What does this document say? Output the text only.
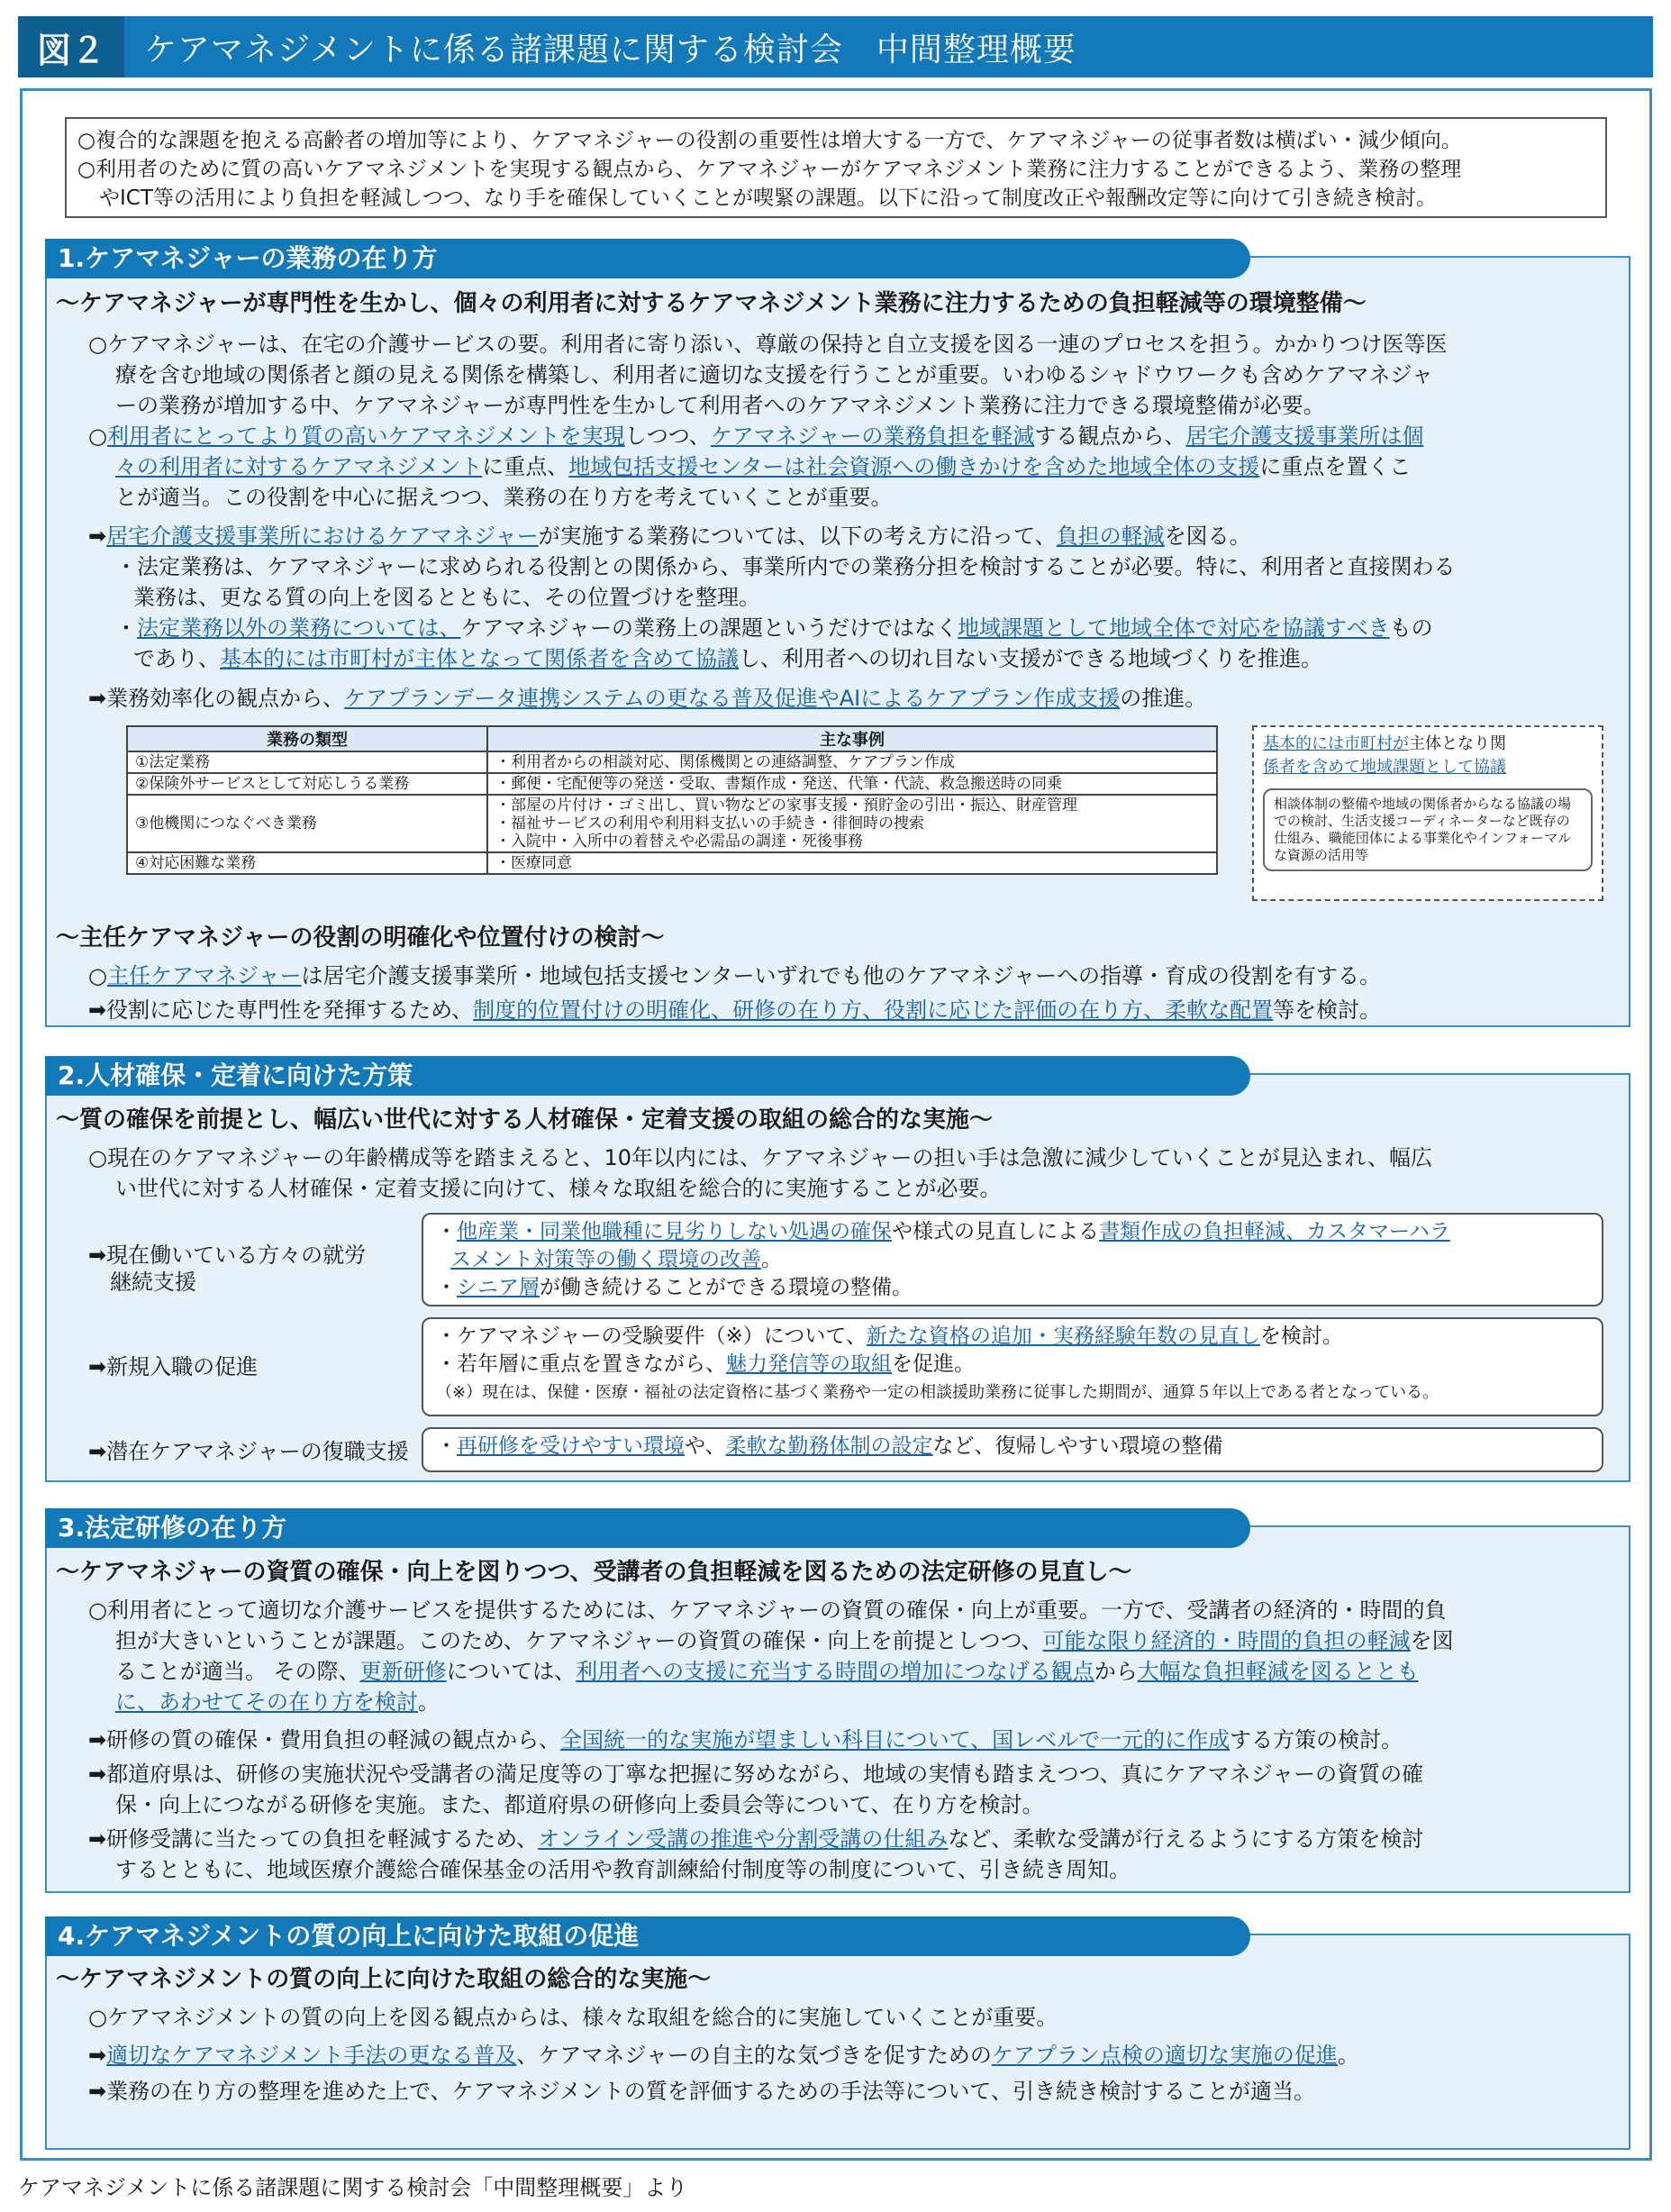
図２	ケアマネジメントに係る諸課題に関する検討会　中間整理概要

○複合的な課題を抱える高齢者の増加等により、ケアマネジャーの役割の重要性は増大する一方で、ケアマネジャーの従事者数は横ばい・減少傾向。

○利用者のために質の高いケアマネジメントを実現する観点から、ケアマネジャーがケアマネジメント業務に注力することができるよう、業務の整理

やICT等の活用により負担を軽減しつつ、なり手を確保していくことが喫緊の課題。以下に沿って制度改正や報酬改定等に向けて引き続き検討。

1.ケアマネジャーの業務の在り方
～ケアマネジャーが専門性を生かし、個々の利用者に対するケアマネジメント業務に注力するための負担軽減等の環境整備～
○ケアマネジャーは、在宅の介護サービスの要。利用者に寄り添い、尊厳の保持と自立支援を図る一連のプロセスを担う。かかりつけ医等医
療を含む地域の関係者と顔の見える関係を構築し、利用者に適切な支援を行うことが重要。いわゆるシャドウワークも含めケアマネジャ
ーの業務が増加する中、ケアマネジャーが専門性を生かして利用者へのケアマネジメント業務に注力できる環境整備が必要。
○利用者にとってより質の高いケアマネジメントを実現しつつ、ケアマネジャーの業務負担を軽減する観点から、居宅介護支援事業所は個
々の利用者に対するケアマネジメントに重点、地域包括支援センターは社会資源への働きかけを含めた地域全体の支援に重点を置くこ
とが適当。この役割を中心に据えつつ、業務の在り方を考えていくことが重要。
➡居宅介護支援事業所におけるケアマネジャーが実施する業務については、以下の考え方に沿って、負担の軽減を図る。
・法定業務は、ケアマネジャーに求められる役割との関係から、事業所内での業務分担を検討することが必要。特に、利用者と直接関わる
業務は、更なる質の向上を図るとともに、その位置づけを整理。
・法定業務以外の業務については、ケアマネジャーの業務上の課題というだけではなく地域課題として地域全体で対応を協議すべきもの
であり、基本的には市町村が主体となって関係者を含めて協議し、利用者への切れ目ない支援ができる地域づくりを推進。
➡業務効率化の観点から、ケアプランデータ連携システムの更なる普及促進やAIによるケアプラン作成支援の推進。
業務の類型	主な事例
①法定業務	・利用者からの相談対応、関係機関との連絡調整、ケアプラン作成
②保険外サービスとして対応しうる業務	・郵便・宅配便等の発送・受取、書類作成・発送、代筆・代読、救急搬送時の同乗
③他機関につなぐべき業務	・部屋の片付け・ゴミ出し、買い物などの家事支援・預貯金の引出・振込、財産管理
・福祉サービスの利用や利用料支払いの手続き・徘徊時の捜索
・入院中・入所中の着替えや必需品の調達・死後事務

④対応困難な業務	・医療同意
基本的には市町村が主体となり関
係者を含めて地域課題として協議
相談体制の整備や地域の関係者からなる協議の場での検討、生活支援コーディネーターなど既存の仕組み、職能団体による事業化やインフォーマルな資源の活用等
～主任ケアマネジャーの役割の明確化や位置付けの検討～
○主任ケアマネジャーは居宅介護支援事業所・地域包括支援センターいずれでも他のケアマネジャーへの指導・育成の役割を有する。
➡役割に応じた専門性を発揮するため、制度的位置付けの明確化、研修の在り方、役割に応じた評価の在り方、柔軟な配置等を検討。
2.人材確保・定着に向けた方策
～質の確保を前提とし、幅広い世代に対する人材確保・定着支援の取組の総合的な実施～
○現在のケアマネジャーの年齢構成等を踏まえると、10年以内には、ケアマネジャーの担い手は急激に減少していくことが見込まれ、幅広
い世代に対する人材確保・定着支援に向けて、様々な取組を総合的に実施することが必要。
➡現在働いている方々の就労
継続支援
・他産業・同業他職種に見劣りしない処遇の確保や様式の見直しによる書類作成の負担軽減、カスタマーハラ
スメント対策等の働く環境の改善。
・シニア層が働き続けることができる環境の整備。
➡新規入職の促進
・ケアマネジャーの受験要件（※）について、新たな資格の追加・実務経験年数の見直しを検討。
・若年層に重点を置きながら、魅力発信等の取組を促進。
（※）現在は、保健・医療・福祉の法定資格に基づく業務や一定の相談援助業務に従事した期間が、通算５年以上である者となっている。
➡潜在ケアマネジャーの復職支援 ・再研修を受けやすい環境や、柔軟な勤務体制の設定など、復帰しやすい環境の整備
3.法定研修の在り方
～ケアマネジャーの資質の確保・向上を図りつつ、受講者の負担軽減を図るための法定研修の見直し～
○利用者にとって適切な介護サービスを提供するためには、ケアマネジャーの資質の確保・向上が重要。一方で、受講者の経済的・時間的負
担が大きいということが課題。このため、ケアマネジャーの資質の確保・向上を前提としつつ、可能な限り経済的・時間的負担の軽減を図
ることが適当。 その際、更新研修については、利用者への支援に充当する時間の増加につなげる観点から大幅な負担軽減を図るととも
に、あわせてその在り方を検討。
➡研修の質の確保・費用負担の軽減の観点から、全国統一的な実施が望ましい科目について、国レベルで一元的に作成する方策の検討。
➡都道府県は、研修の実施状況や受講者の満足度等の丁寧な把握に努めながら、地域の実情も踏まえつつ、真にケアマネジャーの資質の確
保・向上につながる研修を実施。また、都道府県の研修向上委員会等について、在り方を検討。
➡研修受講に当たっての負担を軽減するため、オンライン受講の推進や分割受講の仕組みなど、柔軟な受講が行えるようにする方策を検討
するとともに、地域医療介護総合確保基金の活用や教育訓練給付制度等の制度について、引き続き周知。
4.ケアマネジメントの質の向上に向けた取組の促進
～ケアマネジメントの質の向上に向けた取組の総合的な実施～
○ケアマネジメントの質の向上を図る観点からは、様々な取組を総合的に実施していくことが重要。
➡適切なケアマネジメント手法の更なる普及、ケアマネジャーの自主的な気づきを促すためのケアプラン点検の適切な実施の促進。
➡業務の在り方の整理を進めた上で、ケアマネジメントの質を評価するための手法等について、引き続き検討することが適当。
ケアマネジメントに係る諸課題に関する検討会「中間整理概要」より
